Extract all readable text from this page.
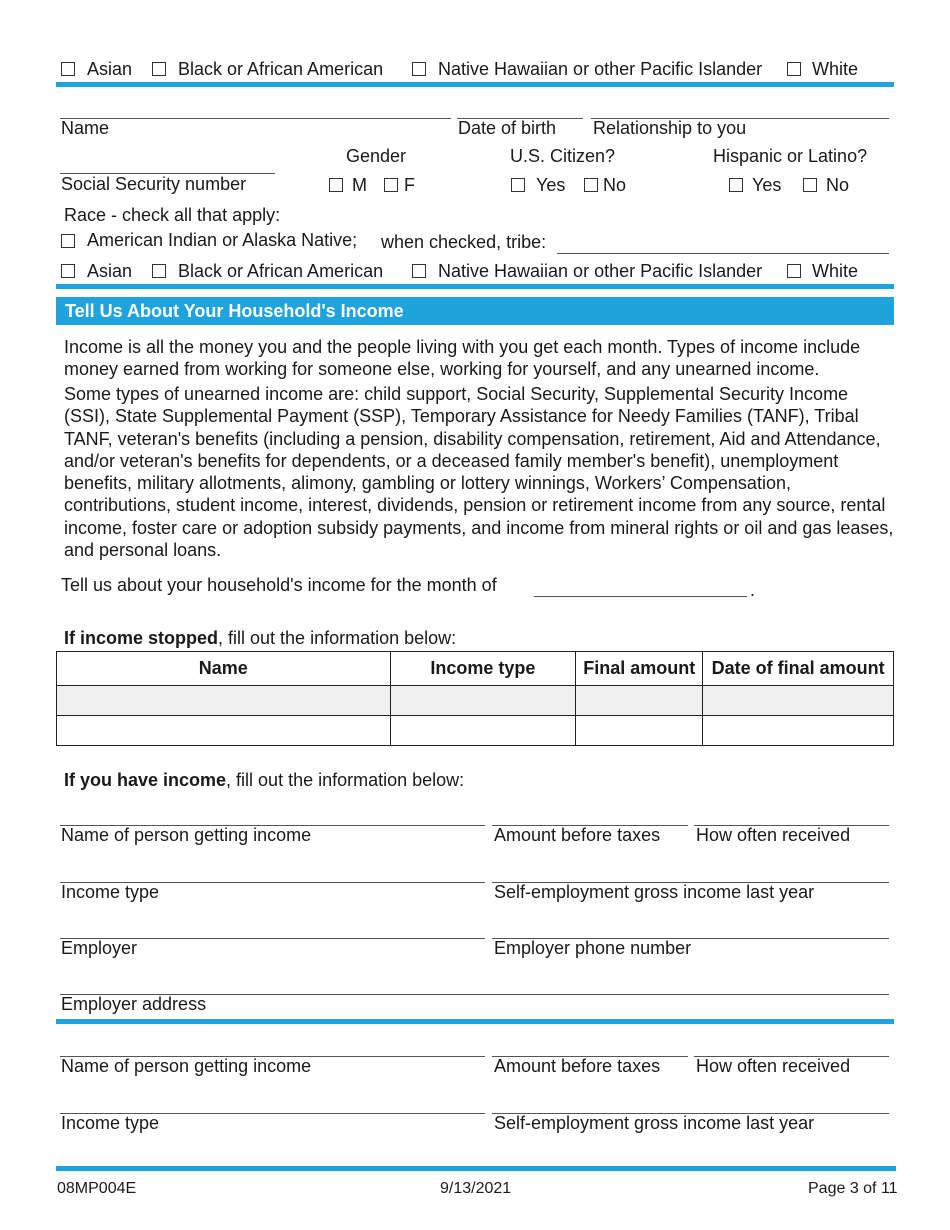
Asian	Black or African American	Native Hawaiian or other Pacific Islander	White
Name	Date of birth Relationship to you
Gender	U.S. Citizen?	Hispanic or Latino?
Social Security number	M F	Yes No	Yes No
Race - check all that apply:
American Indian or Alaska Native; when checked, tribe:
Asian	Black or African American	Native Hawaiian or other Pacific Islander	White
Tell Us About Your Household's Income
Income is all the money you and the people living with you get each month. Types of income include money earned from working for someone else, working for yourself, and any unearned income.
Some types of unearned income are: child support, Social Security, Supplemental Security Income (SSI), State Supplemental Payment (SSP), Temporary Assistance for Needy Families (TANF), Tribal TANF, veteran's benefits (including a pension, disability compensation, retirement, Aid and Attendance, and/or veteran's benefits for dependents, or a deceased family member's benefit), unemployment benefits, military allotments, alimony, gambling or lottery winnings, Workers’ Compensation, contributions, student income, interest, dividends, pension or retirement income from any source, rental income, foster care or adoption subsidy payments, and income from mineral rights or oil and gas leases, and personal loans.
Tell us about your household's income for the month of	.
If income stopped, fill out the information below:
Name	Income type	Final amount	Date of final amount

If you have income, fill out the information below:
Name of person getting income	Amount before taxes How often received
Income type	Self-employment gross income last year
Employer	Employer phone number
Employer address
Name of person getting income	Amount before taxes How often received
Income type	Self-employment gross income last year
08MP004E	9/13/2021	Page 3 of 11
